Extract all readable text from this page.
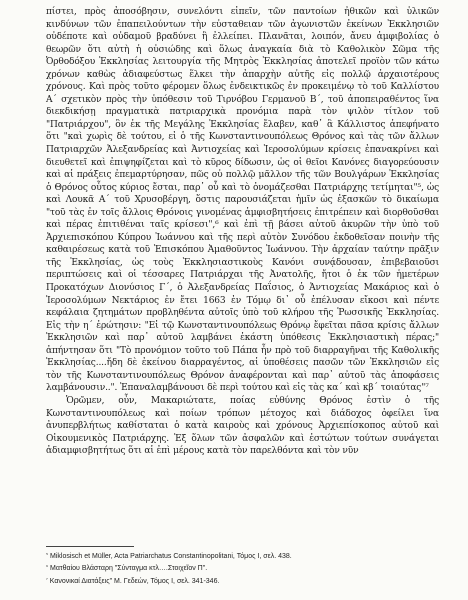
πίστει, πρὸς ἀποσόβησιν, συνελόντι εἰπεῖν, τῶν παντοίων ἠθικῶν καὶ ὑλικῶν κινδύνων τῶν ἐπαπειλούντων τὴν εὐσταθειαν τῶν ἀγωνιστῶν ἐκείνων Ἐκκλησιῶν οὐδέποτε καὶ οὐδαμοῦ βραδύνει ἢ ἐλλείπει. Πλανᾶται, λοιπόν, ἄνευ ἀμφιβολίας ὁ θεωρῶν ὅτι αὐτὴ ἡ οὐσιώδης καὶ ὅλως ἀναγκαία διὰ τὸ Καθολικὸν Σῶμα τῆς Ὀρθοδόξου Ἐκκλησίας λειτουργία τῆς Μητρὸς Ἐκκλησίας ἀποτελεῖ προϊὸν τῶν κάτω χρόνων καθὼς ἀδιαφεύστως ἕλκει τὴν ἀπαρχὴν αὐτῆς εἰς πολλῷ ἀρχαιοτέρους χρόνους. Καὶ πρὸς τοῦτο φέρομεν ὅλως ἐνδεικτικῶς ἐν προκειμένῳ τὸ τοῦ Καλλίστου Α΄ σχετικὸν πρὸς τὴν ὑπόθεσιν τοῦ Τιρνόβου Γερμανοῦ Β΄, τοῦ ἀποπειραθέντος ἵνα διεκδικήσῃ πραγματικὰ πατριαρχικὰ προνόμια παρὰ τὸν ψιλὸν τίτλον τοῦ "Πατριάρχου", ὃν ἐκ τῆς Μεγάλης Ἐκκλησίας ἔλαβεν, καθ᾽ ἃ Κάλλιστος ἀπεφήνατο ὅτι "καὶ χωρὶς δὲ τούτου, εἰ ὁ τῆς Κωνσταντινουπόλεως Θρόνος καὶ τὰς τῶν ἄλλων Πατριαρχῶν Ἀλεξανδρείας καὶ Ἀντιοχείας καὶ Ἱεροσολύμων κρίσεις ἐπανακρίνει καὶ διευθετεῖ καὶ ἐπιψηφίζεται καὶ τὸ κῦρος δίδωσιν, ὡς οἱ θεῖοι Κανόνες διαγορεύουσιν καὶ αἱ πράξεις ἐπεμαρτύρησαν, πῶς οὐ πολλῷ μᾶλλον τῆς τῶν Βουλγάρων Ἐκκλησίας ὁ Θρόνος οὗτος κύριος ἔσται, παρ᾽ οὗ καὶ τὸ ὀνομάζεσθαι Πατριάρχης τετίμηται"⁵, ὡς καὶ Λουκᾶ Α΄ τοῦ Χρυσοβέργη, ὅστις παρουσιάζεται ἡμῖν ὡς ἐξασκῶν τὸ δικαίωμα "τοῦ τὰς ἐν τοῖς ἄλλοις Θρόνοις γινομένας ἀμφισβητήσεις ἐπιτρέπειν καὶ διορθοῦσθαι καὶ πέρας ἐπιτιθέναι ταῖς κρίσεσι",⁶ καὶ ἐπὶ τῇ βάσει αὐτοῦ ἀκυρῶν τὴν ὑπὸ τοῦ Ἀρχιεπισκόπου Κύπρου Ἰωάννου καὶ τῆς περὶ αὐτὸν Συνόδου ἐκδοθεῖσαν ποινὴν τῆς καθαιρέσεως κατὰ τοῦ Ἐπισκόπου Ἀμαθοῦντος Ἰωάννου. Τὴν ἀρχαίαν ταύτην πρᾶξιν τῆς Ἐκκλησίας, ὡς τοὺς Ἐκκλησιαστικοὺς Κανόνι συνᾴδουσαν, ἐπιβεβαιοῦσι περιπτώσεις καὶ οἱ τέσσαρες Πατριάρχαι τῆς Ἀνατολῆς, ἤτοι ὁ ἐκ τῶν ἡμετέρων Προκατόχων Διονύσιος Γ΄, ὁ Ἀλεξανδρείας Παΐσιος, ὁ Ἀντιοχείας Μακάριος καὶ ὁ Ἱεροσολύμων Νεκτάριος ἐν ἔτει 1663 ἐν Τόμῳ δι᾽ οὗ ἐπέλυσαν εἴκοσι καὶ πέντε κεφάλαια ζητημάτων προβληθέντα αὐτοῖς ὑπὸ τοῦ κλήρου τῆς Ῥωσσικῆς Ἐκκλησίας. Εἰς τὴν η΄ ἐρώτησιν: "Εἰ τῷ Κωνσταντινουπόλεως Θρόνῳ ἔφεῖται πᾶσα κρίσις ἄλλων Ἐκκλησιῶν καὶ παρ᾽ αὐτοῦ λαμβάνει ἑκάστη ὑπόθεσις Ἐκκλησιαστικὴ πέρας;" ἀπήντησαν ὅτι "Τὸ προνόμιον τοῦτο τοῦ Πάπα ἦν πρὸ τοῦ διαρραγῆναι τῆς Καθολικῆς Ἐκκλησίας....ἤδη δὲ ἐκείνου διαρραγέντος, αἱ ὑποθέσεις πασῶν τῶν Ἐκκλησιῶν εἰς τὸν τῆς Κωνσταντινουπόλεως Θρόνον ἀναφέρονται καὶ παρ᾽ αὐτοῦ τὰς ἀποφάσεις λαμβάνουσιν..". Ἐπαναλαμβάνουσι δὲ περὶ τούτου καὶ εἰς τὰς κα΄ καὶ κβ΄ τοιαύτας"⁷

Ὁρῶμεν, οὖν, Μακαριώτατε, ποίας εὐθύνης Θρόνος ἐστὶν ὁ τῆς Κωνσταντινουπόλεως καὶ ποίων τρόπων μέτοχος καὶ διάδοχος ὀφείλει ἵνα ἀνυπερβλήτως καθίσταται ὁ κατὰ καιροὺς καὶ χρόνους Ἀρχιεπίσκοπος αὐτοῦ καὶ Οἰκουμενικὸς Πατριάρχης. Ἐξ ὅλων τῶν ἀσφαλῶν καὶ ἐστώτων τούτων συνάγεται ἀδιαμφισβητήτως ὅτι αἱ ἐπὶ μέρους κατὰ τὸν παρελθόντα καὶ τὸν νῦν

$^{^5}$ Miklosisch et Müller, Acta Patriarchatus Constantinopolitani, Τόμος Ι, σελ. 438.
$^{^6}$ Ματθαίου Βλάσταρη "Σύνταγμα κτλ….Στοιχεῖον Π".
$^{^7}$ Κανονικαί Διατάξεις" Μ. Γεδεών, Τόμος Ι, σελ. 341-346.
